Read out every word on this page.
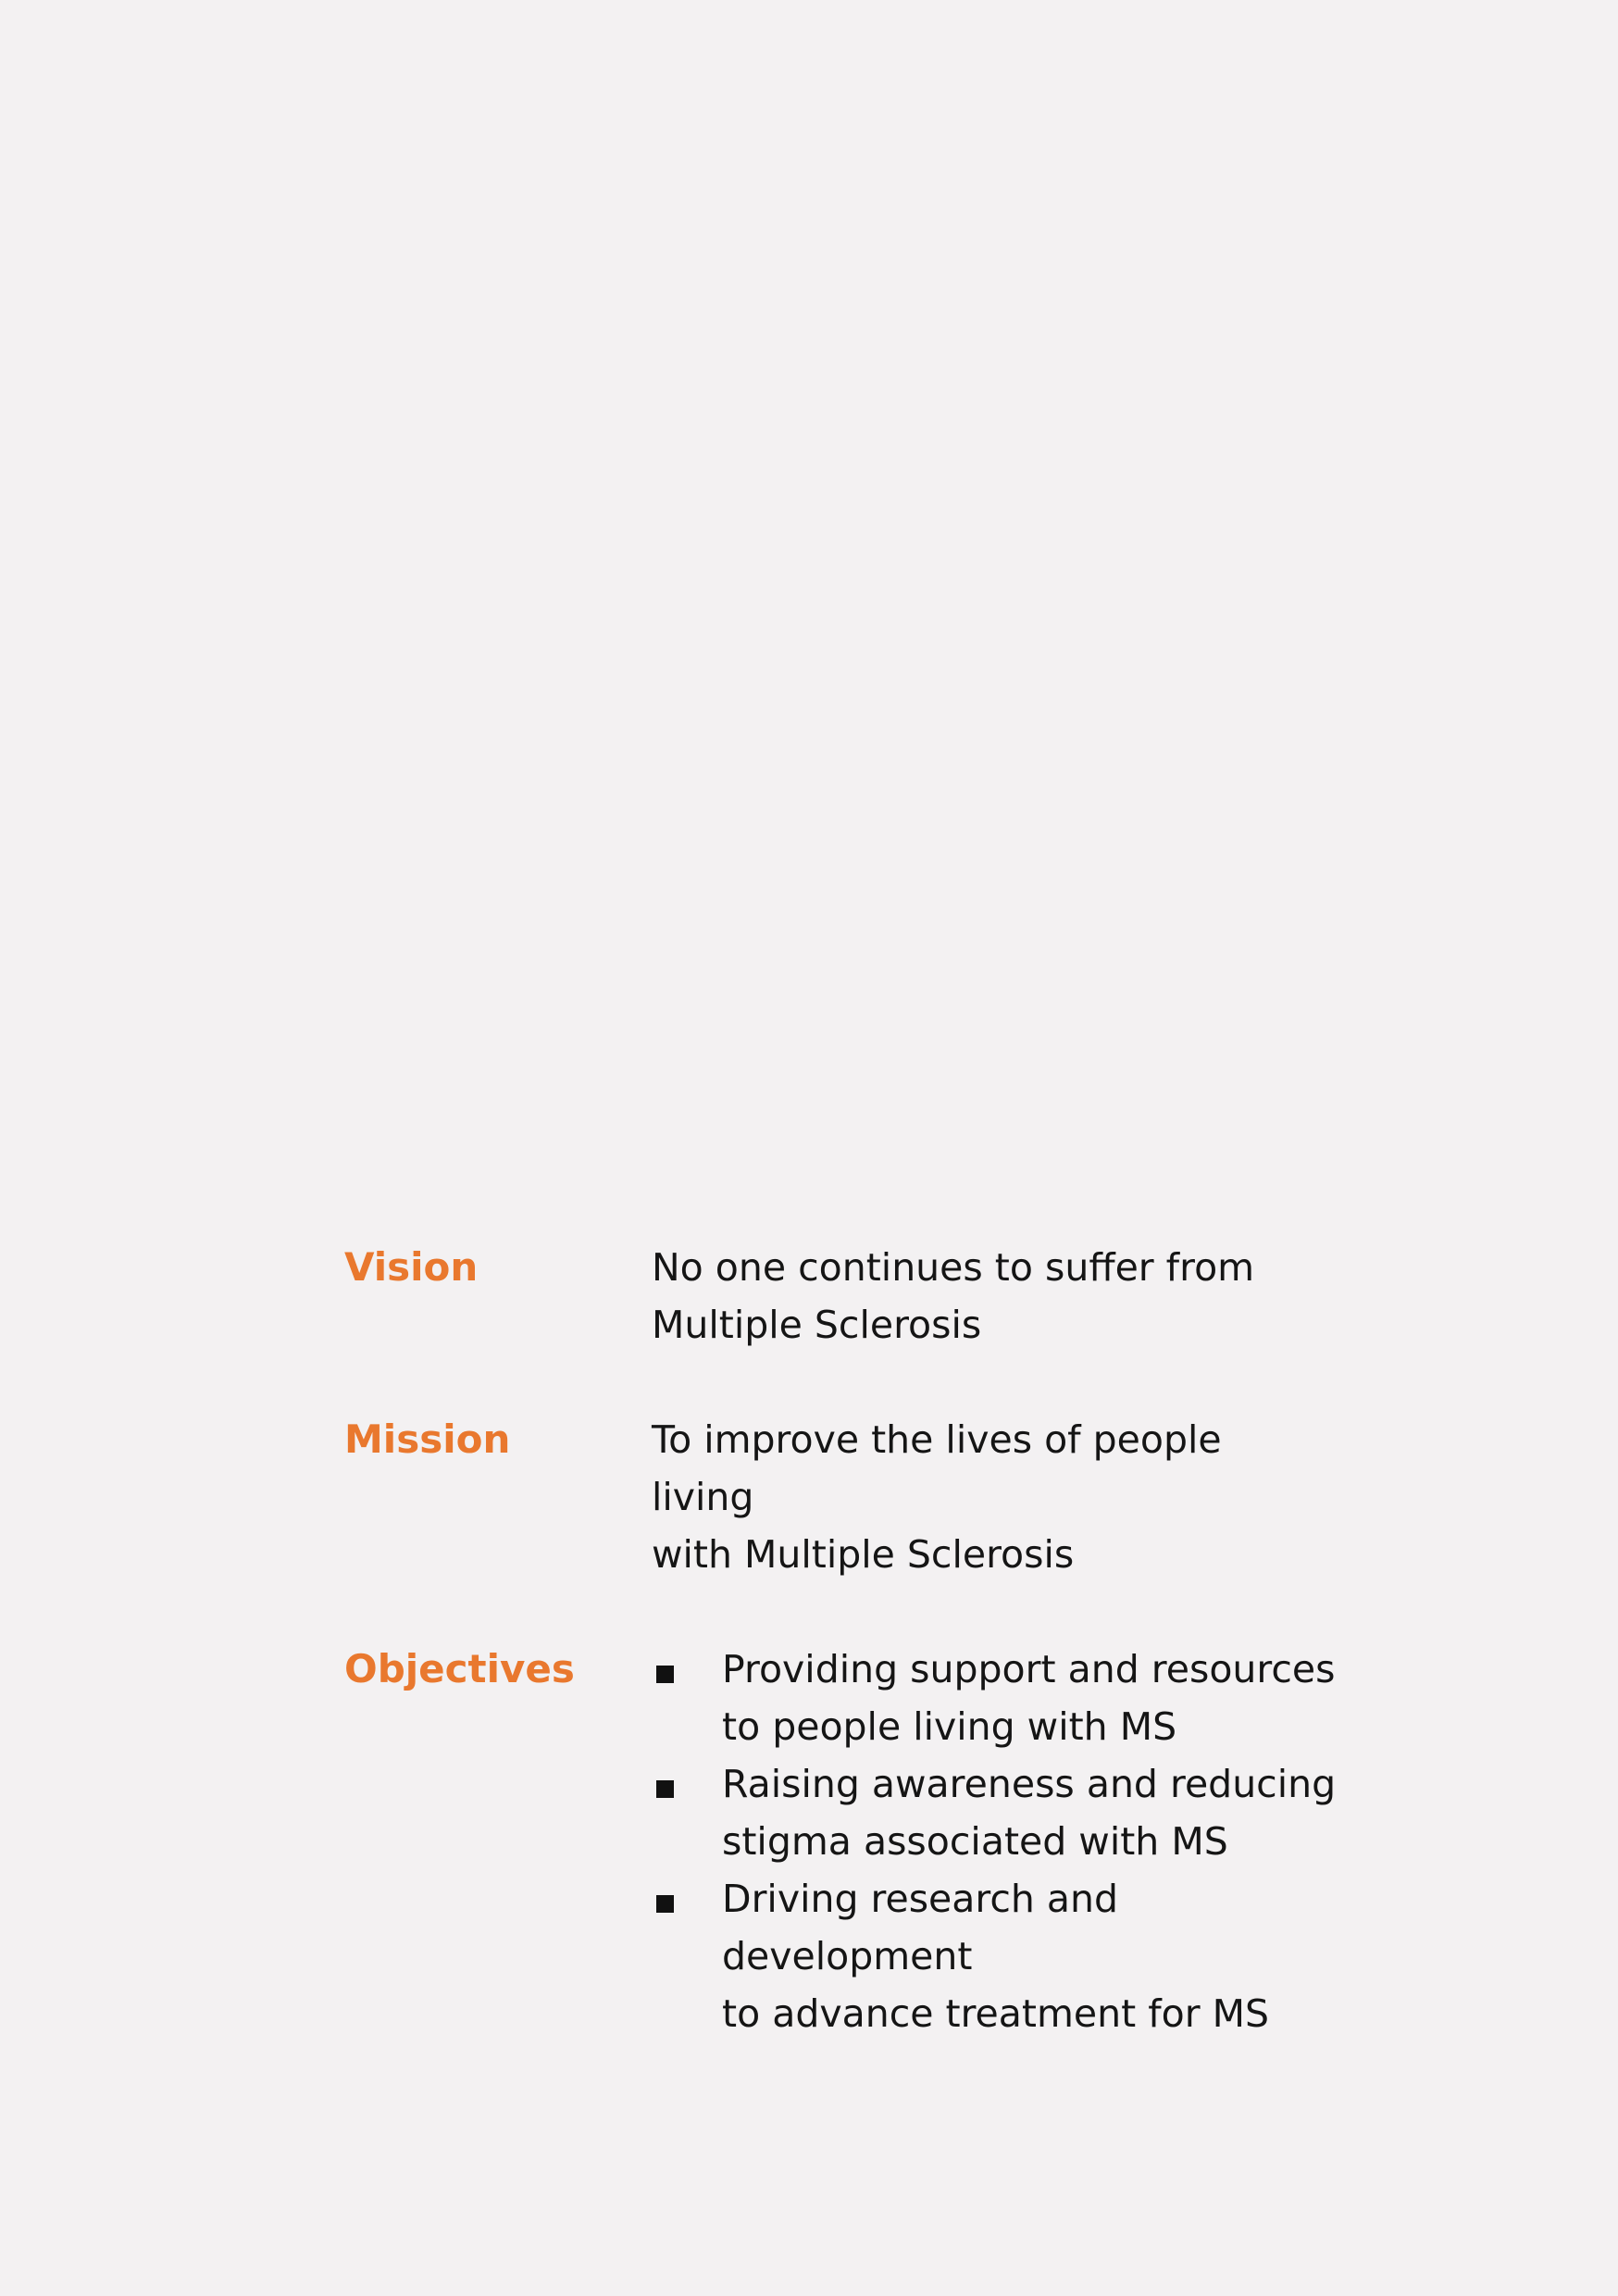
Vision	No one continues to suffer from
Multiple Sclerosis
Mission	To improve the lives of people living
with Multiple Sclerosis
Objectives	Providing support and resources
to people living with MS
Raising awareness and reducing
stigma associated with MS
Driving research and development
to advance treatment for MS
